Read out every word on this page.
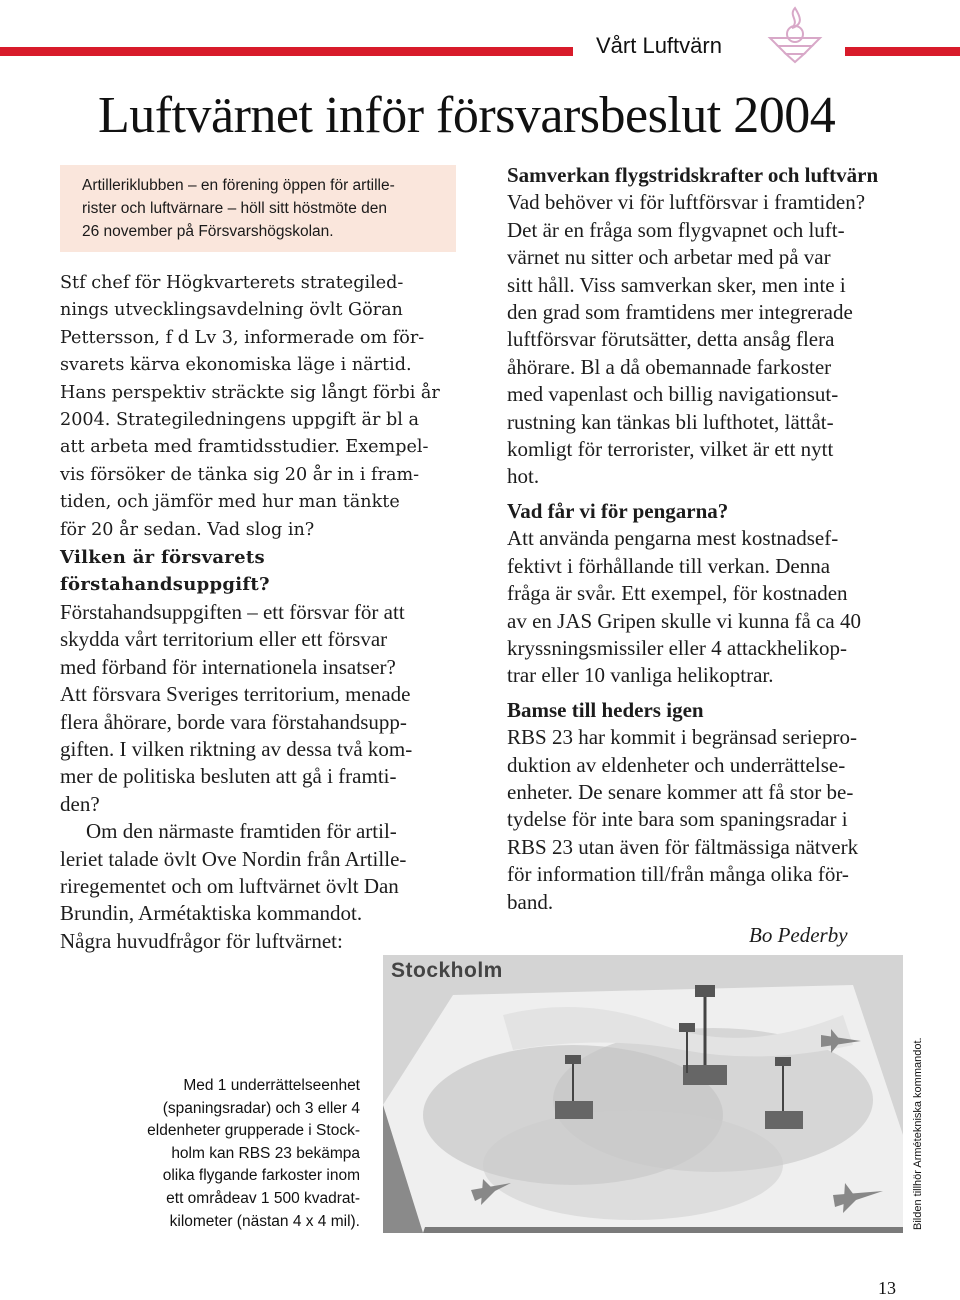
Vårt Luftvärn
Luftvärnet inför försvarsbeslut 2004

Artilleriklubben – en förening öppen för artille-

rister och luftvärnare – höll sitt höstmöte den

26 november på Försvarshögskolan.

Stf chef för Högkvarterets strategiled-

nings utvecklingsavdelning övlt Göran

Pettersson, f d Lv 3, informerade om för-

svarets kärva ekonomiska läge i närtid.

Hans perspektiv sträckte sig långt förbi år

2004. Strategiledningens uppgift är bl a

att arbeta med framtidsstudier. Exempel-

vis försöker de tänka sig 20 år in i fram-

tiden, och jämför med hur man tänkte

för 20 år sedan. Vad slog in?

Vilken är försvarets förstahandsuppgift?

Förstahandsuppgiften – ett försvar för att

skydda vårt territorium eller ett försvar

med förband för internationela insatser?

Att försvara Sveriges territorium, menade

flera åhörare, borde vara förstahandsupp-

giften. I vilken riktning av dessa två kom-

mer de politiska besluten att gå i framti-

den?

Om den närmaste framtiden för artil-

leriet talade övlt Ove Nordin från Artille-

riregementet och om luftvärnet övlt Dan

Brundin, Armétaktiska kommandot.

Några huvudfrågor för luftvärnet:

Samverkan flygstridskrafter och luftvärn

Vad behöver vi för luftförsvar i framtiden?

Det är en fråga som flygvapnet och luft-

värnet nu sitter och arbetar med på var

sitt håll. Viss samverkan sker, men inte i

den grad som framtidens mer integrerade

luftförsvar förutsätter, detta ansåg flera

åhörare. Bl a då obemannade farkoster

med vapenlast och billig navigationsut-

rustning kan tänkas bli lufthotet, lättåt-

komligt för terrorister, vilket är ett nytt

hot.

Vad får vi för pengarna?

Att använda pengarna mest kostnadsef-

fektivt i förhållande till verkan. Denna

fråga är svår. Ett exempel, för kostnaden

av en JAS Gripen skulle vi kunna få ca 40

kryssningsmissiler eller 4 attackhelikop-

trar eller 10 vanliga helikoptrar.

Bamse till heders igen

RBS 23 har kommit i begränsad seriepro-

duktion av eldenheter och underrättelse-

enheter. De senare kommer att få stor be-

tydelse för inte bara som spaningsradar i

RBS 23 utan även för fältmässiga nätverk

för information till/från många olika för-

band.

Bo Pederby

Stockholm

Med 1 underrättelseenhet

(spaningsradar) och 3 eller 4

eldenheter grupperade i Stock-

holm kan RBS 23 bekämpa

olika flygande farkoster inom

ett områdeav 1 500 kvadrat-

kilometer (nästan 4 x 4 mil).	Bilden tillhör Armétekniska kommandot.
13
